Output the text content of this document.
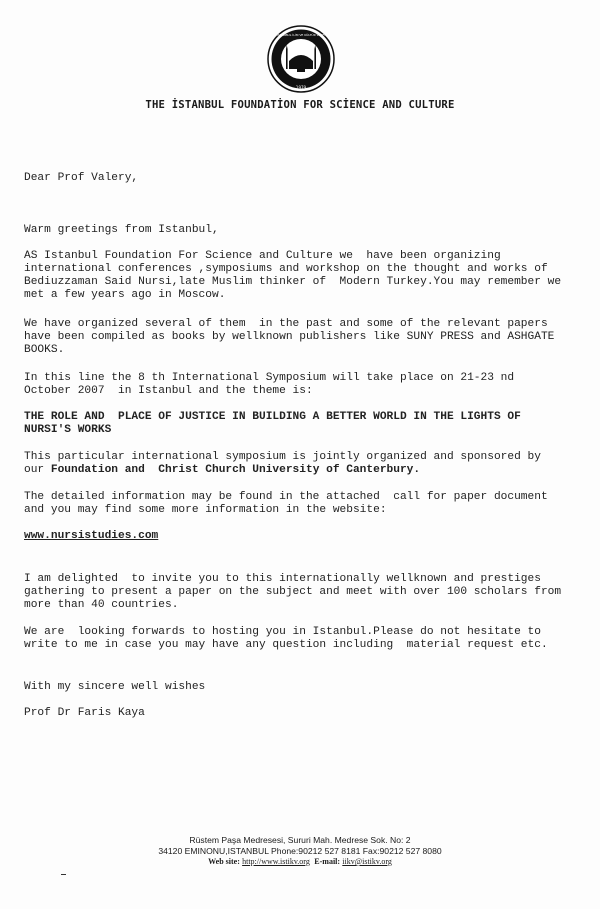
1979
İSTANBUL İLİM VE KÜLTÜR VAKFI
THE İSTANBUL FOUNDATİON FOR SCİENCE AND CULTURE

Dear Prof Valery,

Warm greetings from Istanbul,

AS Istanbul Foundation For Science and Culture we  have been organizing international conferences ,symposiums and workshop on the thought and works of Bediuzzaman Said Nursi,late Muslim thinker of  Modern Turkey.You may remember we met a few years ago in Moscow.

We have organized several of them  in the past and some of the relevant papers have been compiled as books by wellknown publishers like SUNY PRESS and ASHGATE BOOKS.

In this line the 8 th International Symposium will take place on 21-23 nd October 2007  in Istanbul and the theme is:

THE ROLE AND  PLACE OF JUSTICE IN BUILDING A BETTER WORLD IN THE LIGHTS OF NURSI'S WORKS

This particular international symposium is jointly organized and sponsored by our Foundation and  Christ Church University of Canterbury.

The detailed information may be found in the attached  call for paper document and you may find some more information in the website:

www.nursistudies.com

I am delighted  to invite you to this internationally wellknown and prestiges gathering to present a paper on the subject and meet with over 100 scholars from more than 40 countries.

We are  looking forwards to hosting you in Istanbul.Please do not hesitate to write to me in case you may have any question including  material request etc.

With my sincere well wishes

Prof Dr Faris Kaya

Rüstem Paşa Medresesi, Sururi Mah. Medrese Sok. No: 2
34120 EMINONU,ISTANBUL Phone:90212 527 8181 Fax:90212 527 8080
Web site: http://www.istikv.org E-mail: iikv@istikv.org
